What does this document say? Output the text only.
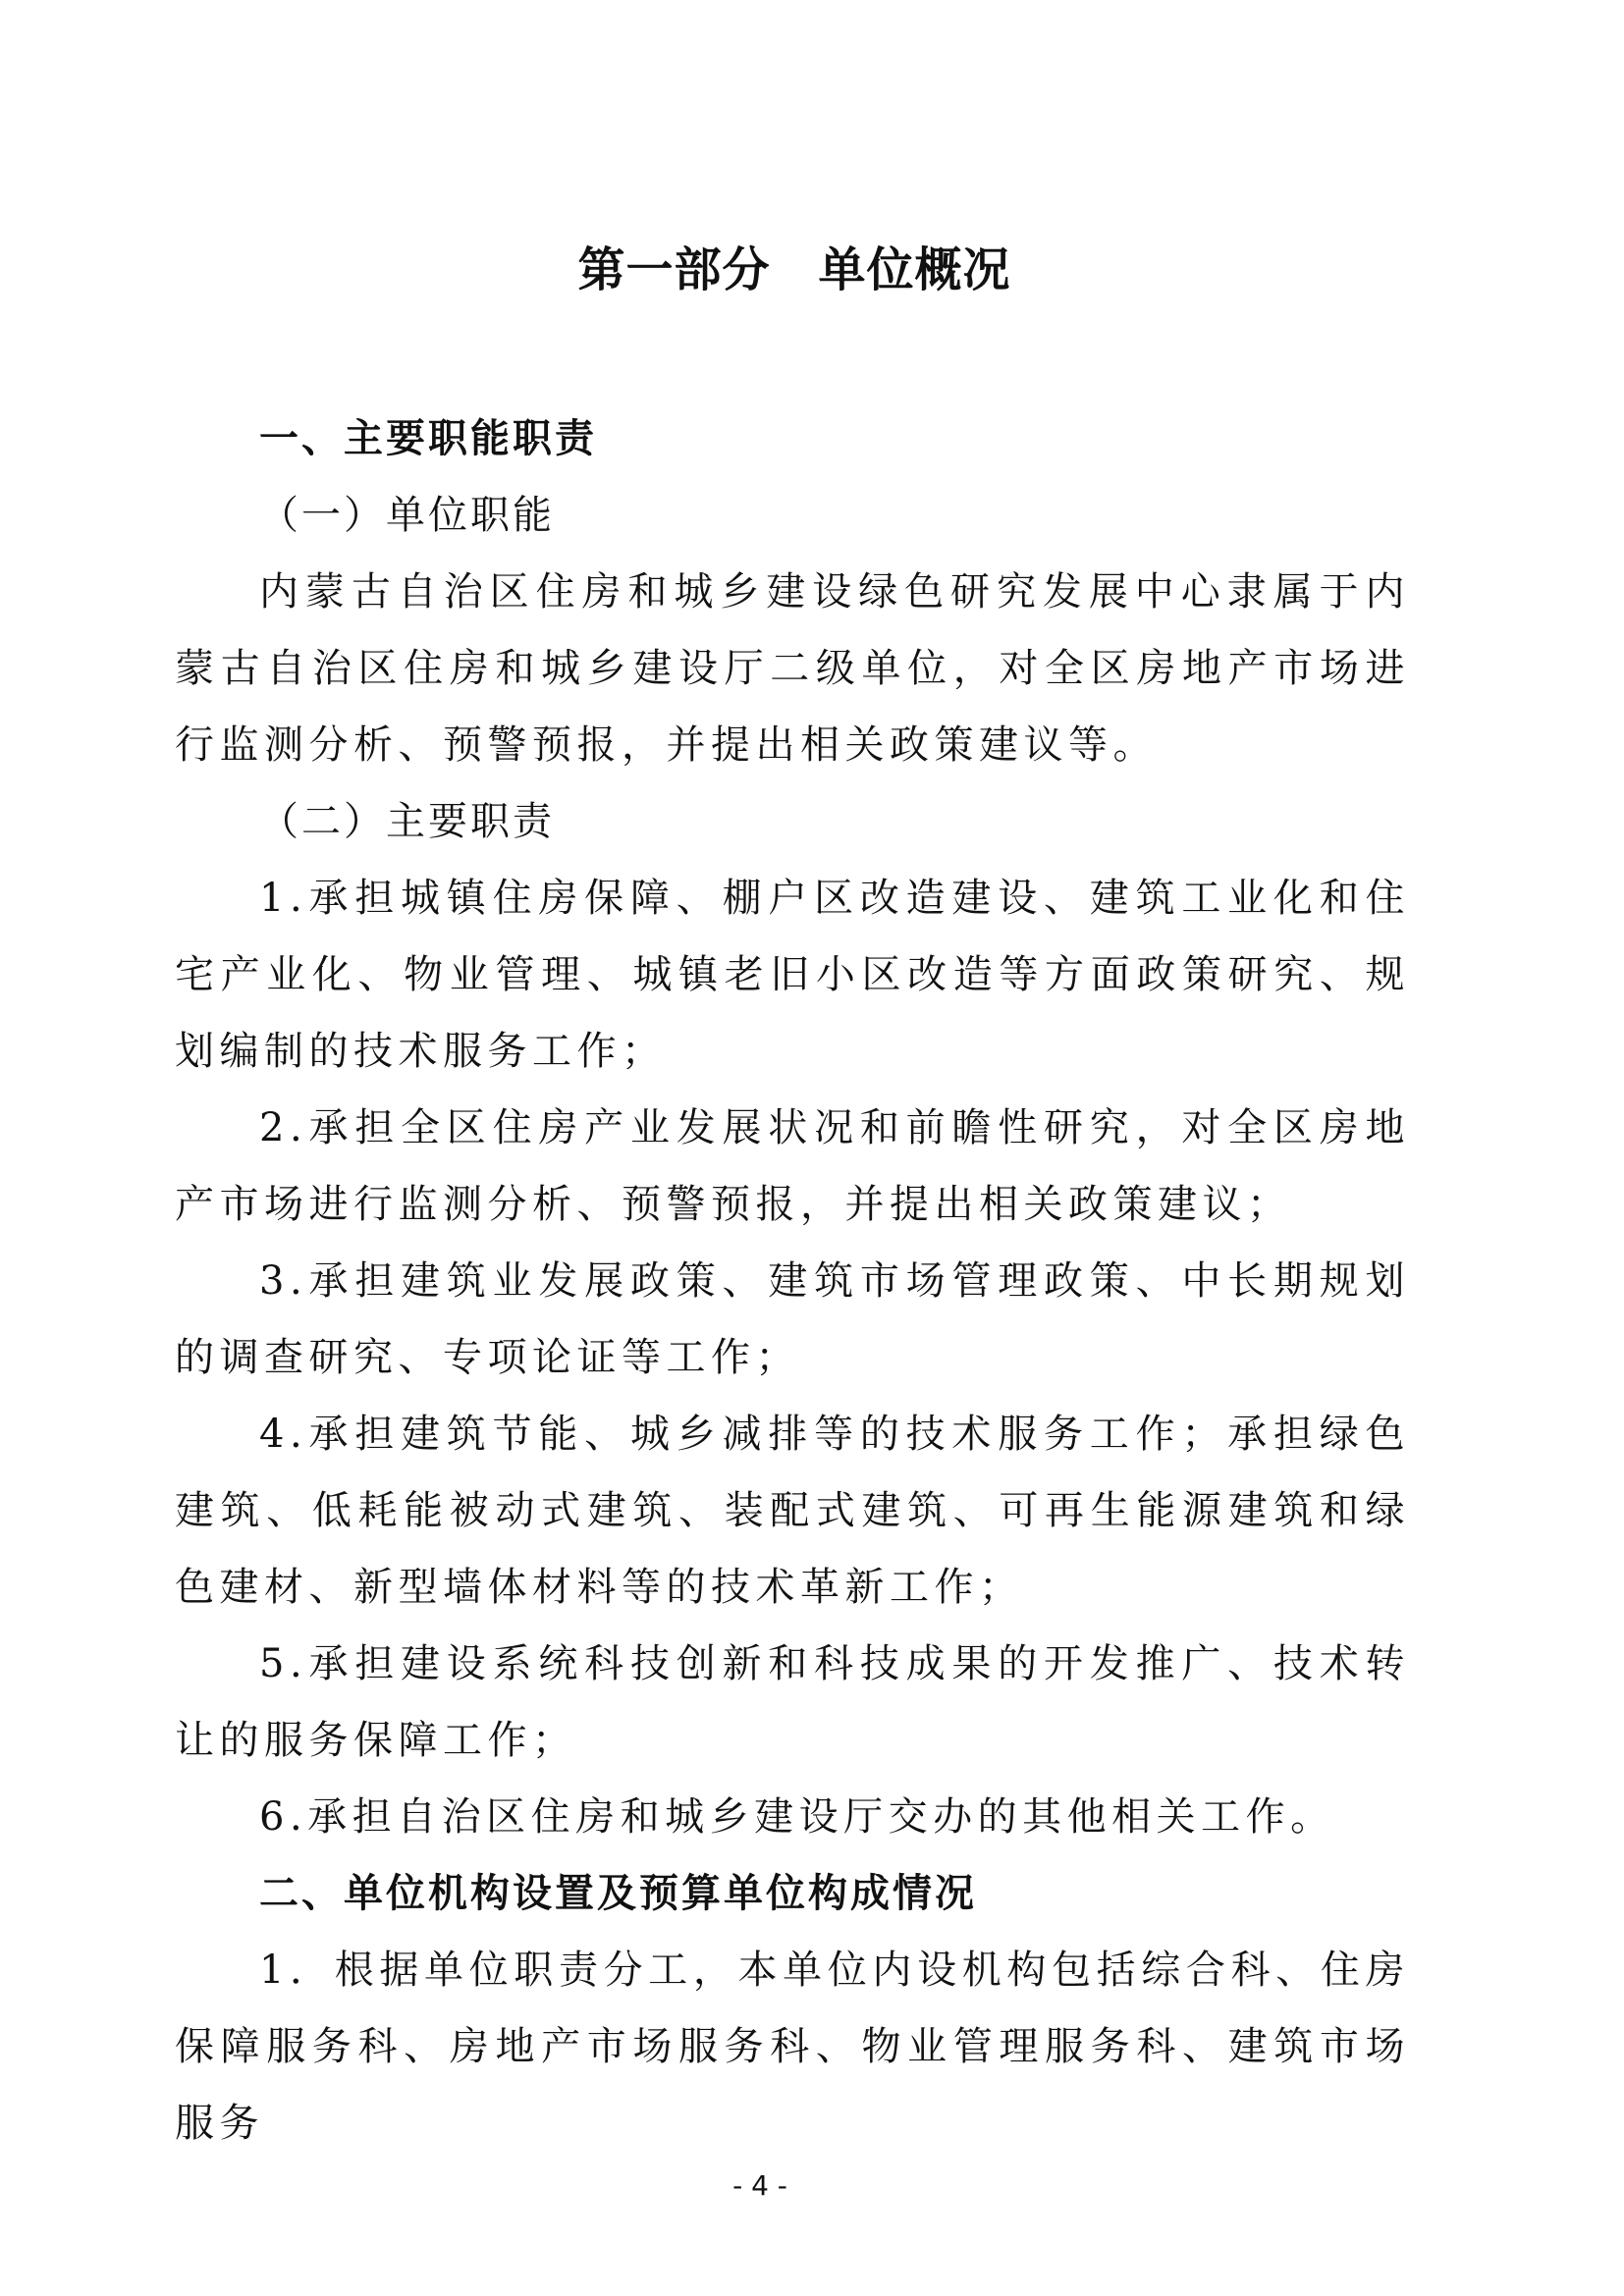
第一部分　单位概况
一、主要职能职责

（一）单位职能

内蒙古自治区住房和城乡建设绿色研究发展中心隶属于内蒙古自治区住房和城乡建设厅二级单位，对全区房地产市场进行监测分析、预警预报，并提出相关政策建议等。

（二）主要职责

1.承担城镇住房保障、棚户区改造建设、建筑工业化和住宅产业化、物业管理、城镇老旧小区改造等方面政策研究、规划编制的技术服务工作；

2.承担全区住房产业发展状况和前瞻性研究，对全区房地产市场进行监测分析、预警预报，并提出相关政策建议；

3.承担建筑业发展政策、建筑市场管理政策、中长期规划的调查研究、专项论证等工作；

4.承担建筑节能、城乡减排等的技术服务工作；承担绿色建筑、低耗能被动式建筑、装配式建筑、可再生能源建筑和绿色建材、新型墙体材料等的技术革新工作；

5.承担建设系统科技创新和科技成果的开发推广、技术转让的服务保障工作；

6.承担自治区住房和城乡建设厅交办的其他相关工作。

二、单位机构设置及预算单位构成情况

1．根据单位职责分工，本单位内设机构包括综合科、住房保障服务科、房地产市场服务科、物业管理服务科、建筑市场服务

- 4 -
